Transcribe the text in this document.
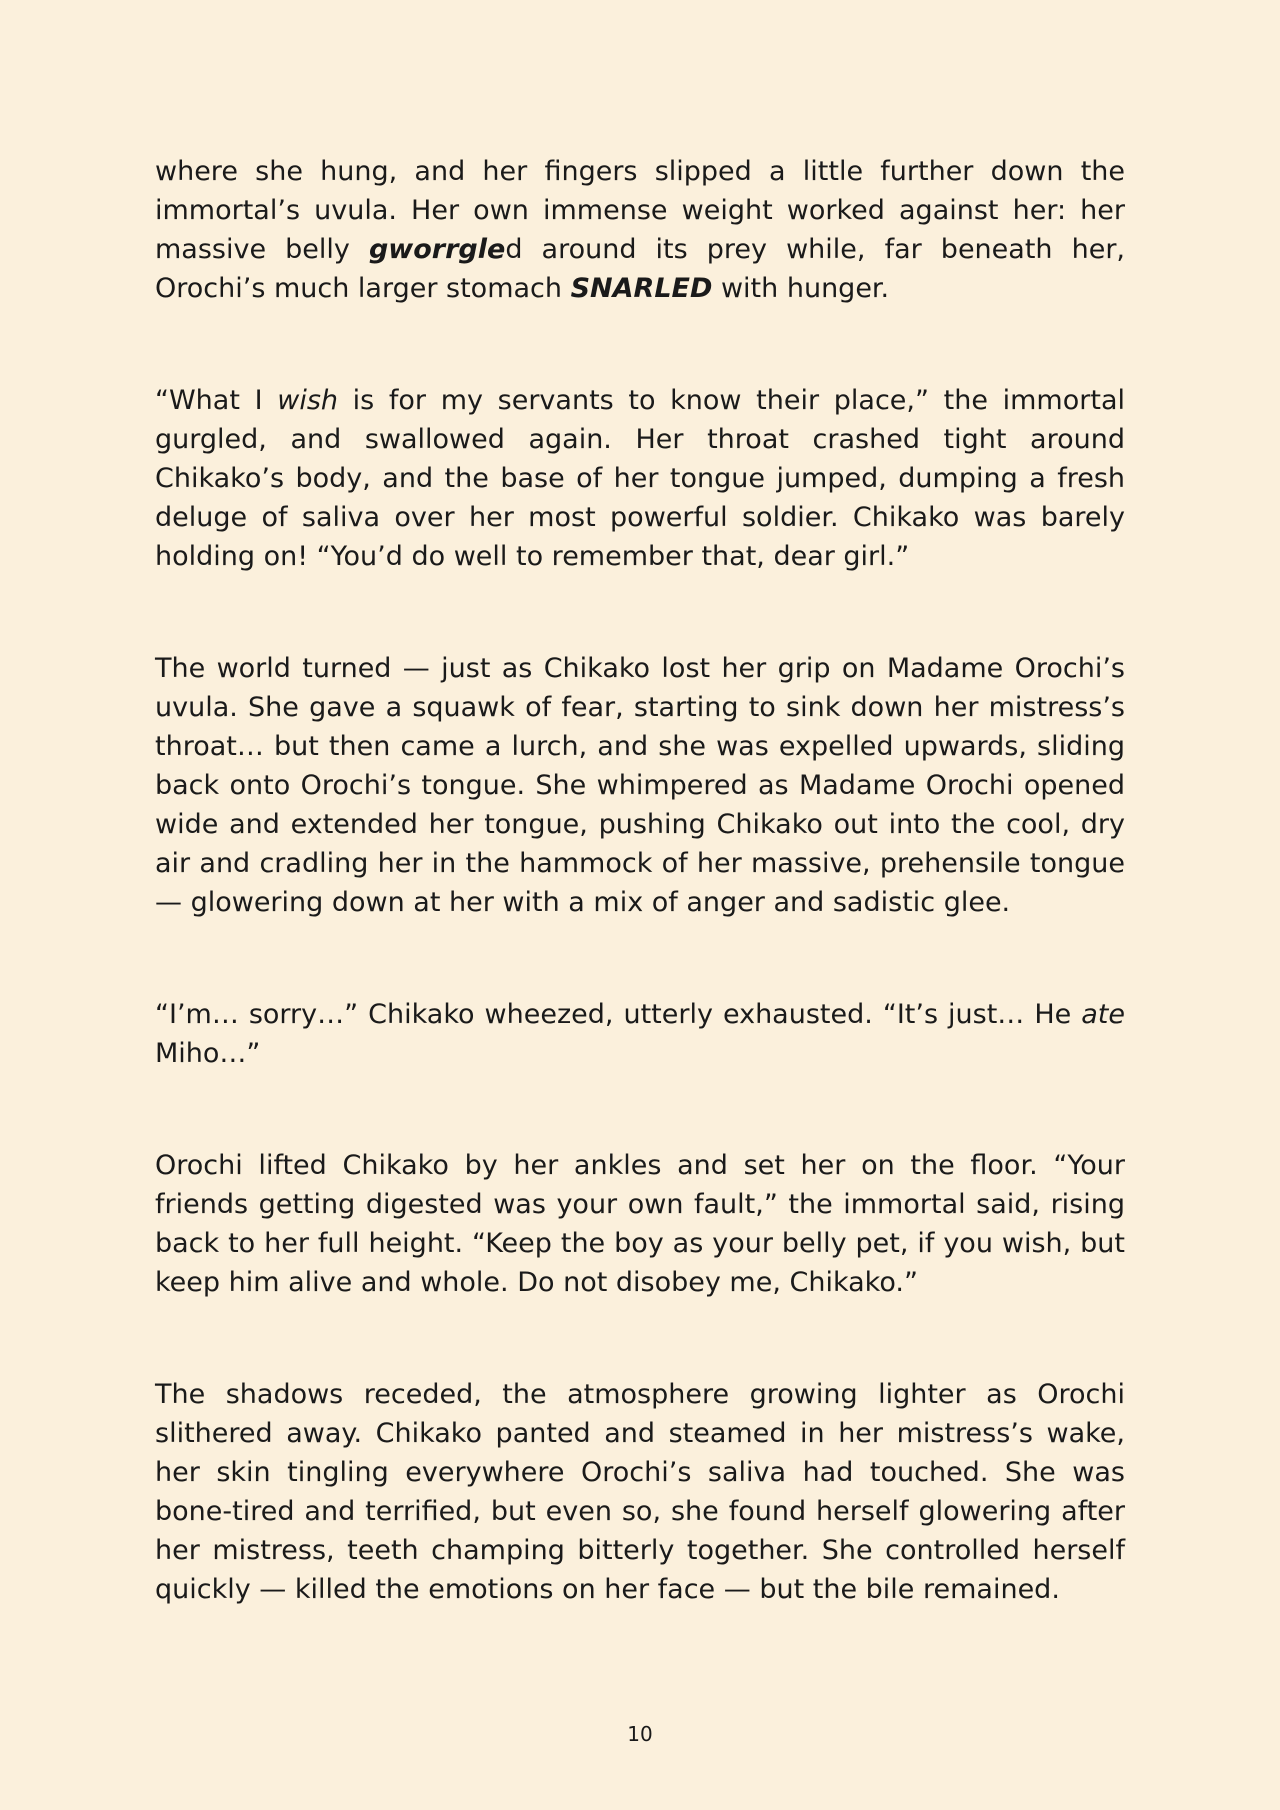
where she hung, and her fingers slipped a little further down the immortal’s uvula. Her own immense weight worked against her: her massive belly gworrgled around its prey while, far beneath her, Orochi’s much larger stomach SNARLED with hunger.

“What I wish is for my servants to know their place,” the immortal gurgled, and swallowed again. Her throat crashed tight around Chikako’s body, and the base of her tongue jumped, dumping a fresh deluge of saliva over her most powerful soldier. Chikako was barely holding on! “You’d do well to remember that, dear girl.”

The world turned — just as Chikako lost her grip on Madame Orochi’s uvula. She gave a squawk of fear, starting to sink down her mistress’s throat… but then came a lurch, and she was expelled upwards, sliding back onto Orochi’s tongue. She whimpered as Madame Orochi opened wide and extended her tongue, pushing Chikako out into the cool, dry air and cradling her in the hammock of her massive, prehensile tongue — glowering down at her with a mix of anger and sadistic glee.

“I’m… sorry…” Chikako wheezed, utterly exhausted. “It’s just… He ate Miho…”

Orochi lifted Chikako by her ankles and set her on the floor. “Your friends getting digested was your own fault,” the immortal said, rising back to her full height. “Keep the boy as your belly pet, if you wish, but keep him alive and whole. Do not disobey me, Chikako.”

The shadows receded, the atmosphere growing lighter as Orochi slithered away. Chikako panted and steamed in her mistress’s wake, her skin tingling everywhere Orochi’s saliva had touched. She was bone-tired and terrified, but even so, she found herself glowering after her mistress, teeth champing bitterly together. She controlled herself quickly — killed the emotions on her face — but the bile remained.

10
